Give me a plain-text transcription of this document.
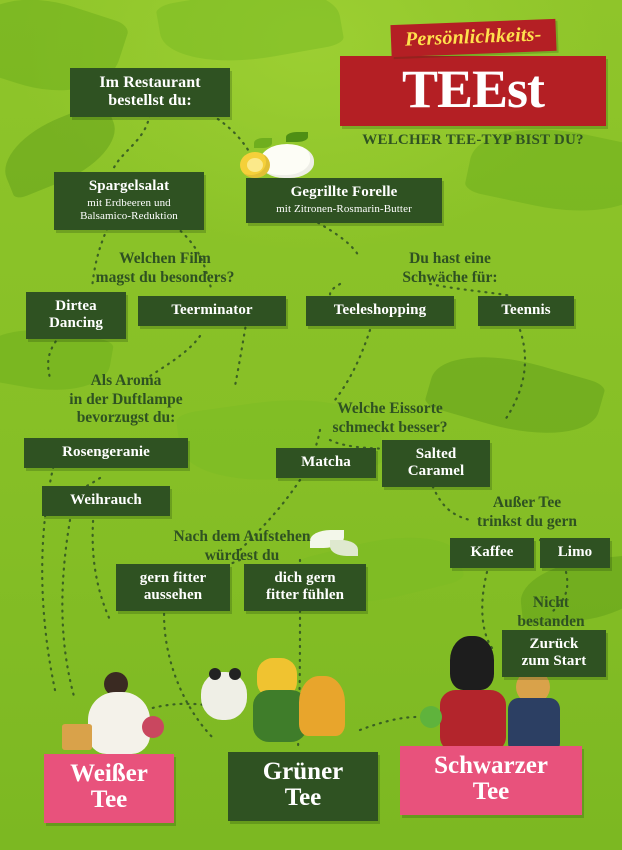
Persönlichkeits-
TEEst
WELCHER TEE-TYP BIST DU?
Im Restaurant
bestellst du:
Spargelsalat
mit Erdbeeren und
Balsamico-Reduktion
Gegrillte Forelle
mit Zitronen-Rosmarin-Butter
Welchen Film
magst du besonders?
Du hast eine
Schwäche für:
Dirtea
Dancing
Teerminator	Teeleshopping	Teennis
Als Aroma
in der Duftlampe
bevorzugst du:
Welche Eissorte
schmeckt besser?
Rosengeranie
Weihrauch
Matcha	Salted
Caramel
Außer Tee
trinkst du gern
Nach dem Aufstehen
würdest du
Nicht
bestanden
Kaffee	Limo
gern fitter
aussehen
dich gern
fitter fühlen
Zurück
zum Start
Weißer
Tee
Grüner
Tee
Schwarzer
Tee
